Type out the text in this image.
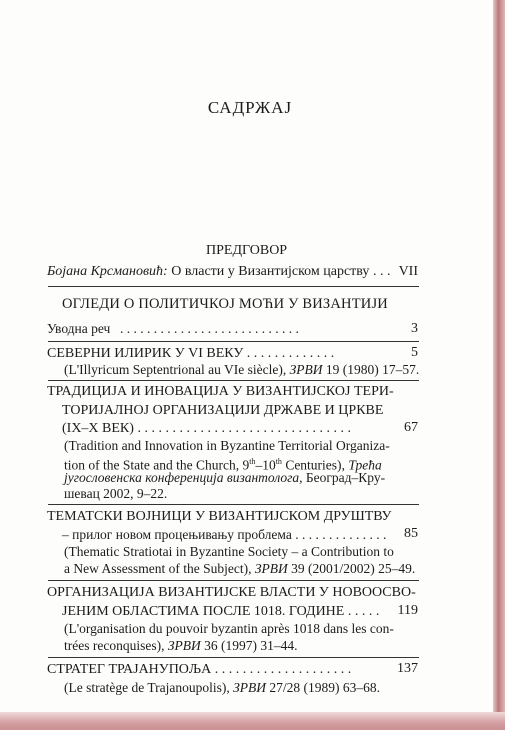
САДРЖАЈ
ПРЕДГОВОР
Бојана Крсмановић: О власти у Византијском царству . . . VII
ОГЛЕДИ О ПОЛИТИЧКОЈ МОЋИ У ВИЗАНТИЈИ
Уводна реч . . . . . . . . . . . . . . . . . . . . . . . . . . .	3
СЕВЕРНИ ИЛИРИК У VI ВЕКУ . . . . . . . . . . . . .	5
(L'Illyricum Septentrional au VIe siècle), ЗРВИ 19 (1980) 17–57.
ТРАДИЦИЈА И ИНОВАЦИЈА У ВИЗАНТИЈСКОЈ ТЕРИ-
ТОРИЈАЛНОЈ ОРГАНИЗАЦИЈИ ДРЖАВЕ И ЦРКВЕ
(IX–X ВЕК) . . . . . . . . . . . . . . . . . . . . . . . . . . . . . . .	67
(Tradition and Innovation in Byzantine Territorial Organiza-
tion of the State and the Church, 9th–10th Centuries), Трећа
југословенска конференција византолога, Београд–Кру-
шевац 2002, 9–22.
ТЕМАТСКИ ВОЈНИЦИ У ВИЗАНТИЈСКОМ ДРУШТВУ
– прилог новом процењивању проблема . . . . . . . . . . . . . .	85
(Thematic Stratiotai in Byzantine Society – a Contribution to
a New Assessment of the Subject), ЗРВИ 39 (2001/2002) 25–49.
ОРГАНИЗАЦИЈА ВИЗАНТИЈСКЕ ВЛАСТИ У НОВООСВО-
ЈЕНИМ ОБЛАСТИМА ПОСЛЕ 1018. ГОДИНЕ . . . . .	119
(L'organisation du pouvoir byzantin après 1018 dans les con-
trées reconquises), ЗРВИ 36 (1997) 31–44.
СТРАТЕГ ТРАЈАНУПОЉА . . . . . . . . . . . . . . . . . . . .	137
(Le stratège de Trajanoupolis), ЗРВИ 27/28 (1989) 63–68.
